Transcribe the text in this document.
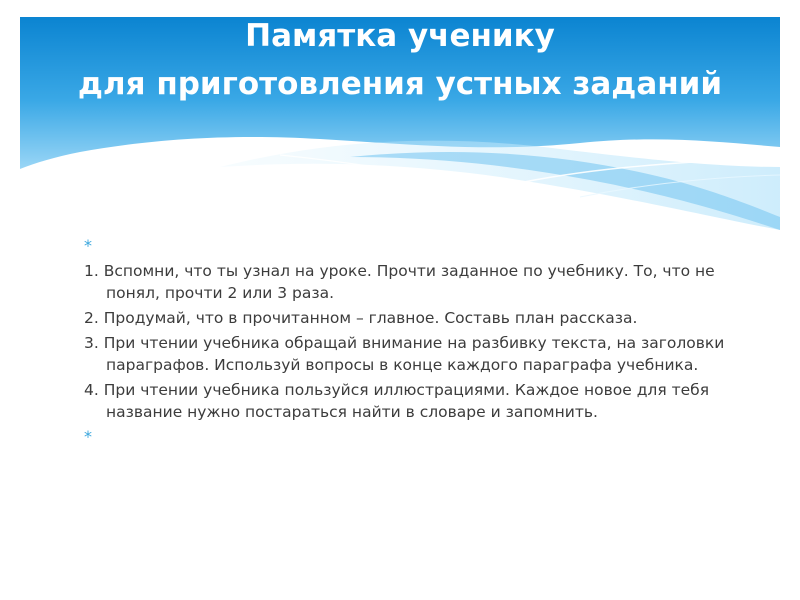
Памятка ученику
для приготовления устных заданий
*
1. Вспомни, что ты узнал на уроке. Прочти заданное по учебнику. То, что не понял, прочти 2 или 3 раза.
2. Продумай, что в прочитанном – главное. Составь план рассказа.
3. При чтении учебника обращай внимание на разбивку текста, на заголовки параграфов. Используй вопросы в конце каждого параграфа учебника.
4. При чтении учебника пользуйся иллюстрациями. Каждое новое для тебя название нужно постараться найти в словаре и запомнить.
*
